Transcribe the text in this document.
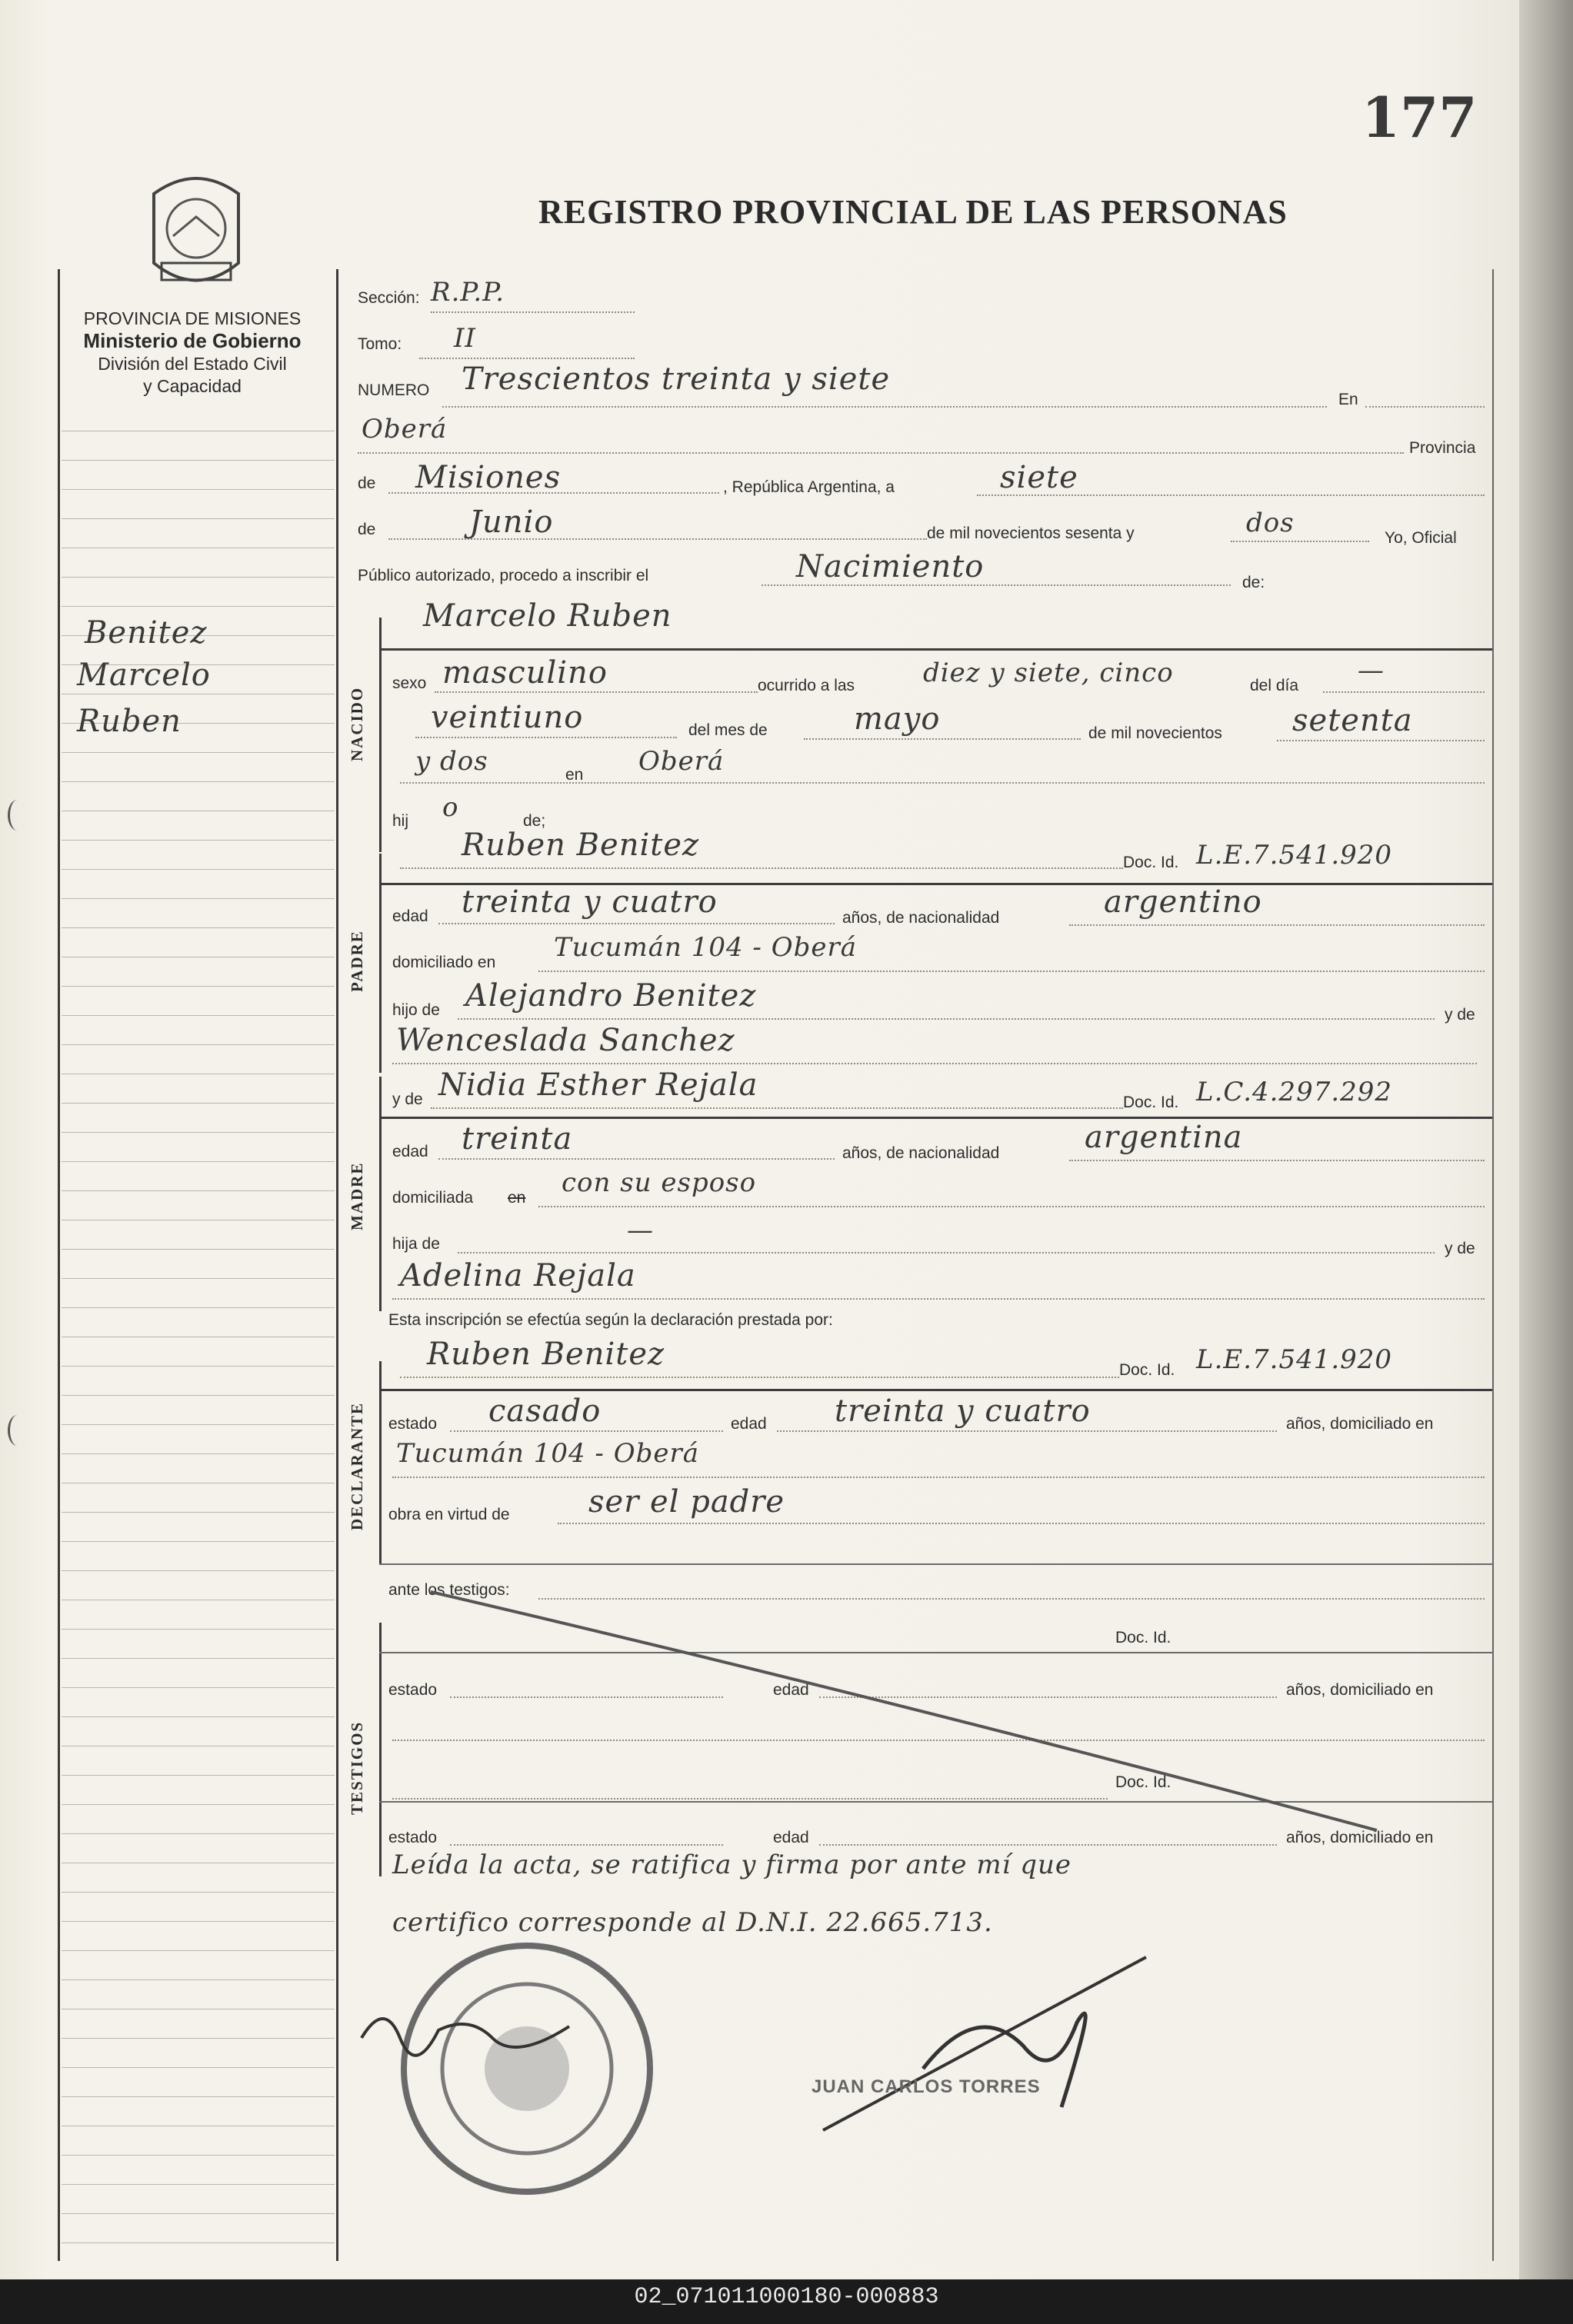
177
REGISTRO PROVINCIAL DE LAS PERSONAS
PROVINCIA DE MISIONES
Ministerio de Gobierno
División del Estado Civil
y Capacidad
Benitez
Marcelo
Ruben
Sección: R.P.P.
Tomo: II
NUMERO Trescientos treinta y siete
En
Oberá
Provincia
de Misiones	, República Argentina, a	siete
de	Junio	de mil novecientos sesenta y	dos	Yo, Oficial
Público autorizado, procedo a inscribir el	Nacimiento	de:
Marcelo Ruben
NACIDO
sexo masculino	ocurrido a las	diez y siete, cinco	del día —
veintiuno	del mes de	mayo	de mil novecientos setenta
y dos	en Oberá
hij o	de;
Ruben Benitez	Doc. Id. L.E.7.541.920
PADRE
edad treinta y cuatro	años, de nacionalidad	argentino
domiciliado en Tucumán 104 - Oberá
hijo de Alejandro Benitez
y de
Wenceslada Sanchez
y de Nidia Esther Rejala	Doc. Id. L.C.4.297.292
MADRE
edad treinta	años, de nacionalidad	argentina
domiciliada en con su esposo
hija de	—
y de
Adelina Rejala
Esta inscripción se efectúa según la declaración prestada por:
Ruben Benitez	Doc. Id. L.E.7.541.920
DECLARANTE estado casado	edad treinta y cuatro	años, domiciliado en
Tucumán 104 - Oberá
obra en virtud de	ser el padre
ante los testigos:
TESTIGOS
Doc. Id.
estado	edad	años, domiciliado en
Doc. Id.
estado	edad	años, domiciliado en
Leída la acta, se ratifica y firma por ante mí que
certifico corresponde al D.N.I. 22.665.713.
JUAN CARLOS TORRES
02_071011000180-000883
